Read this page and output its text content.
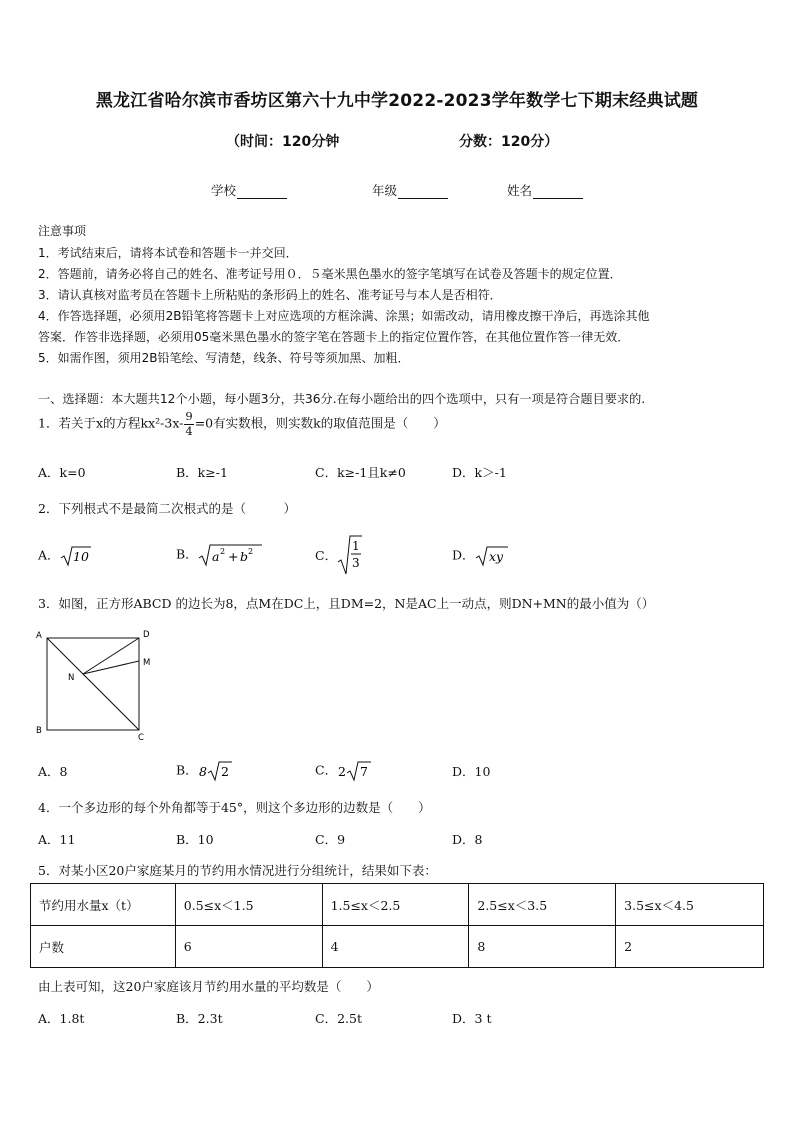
黑龙江省哈尔滨市香坊区第六十九中学2022-2023学年数学七下期末经典试题
（时间：120分钟	分数：120分）
学校	年级	姓名
注意事项
1．考试结束后，请将本试卷和答题卡一并交回．
2．答题前，请务必将自己的姓名、准考证号用０．５毫米黑色墨水的签字笔填写在试卷及答题卡的规定位置．
3．请认真核对监考员在答题卡上所粘贴的条形码上的姓名、准考证号与本人是否相符．
4．作答选择题，必须用2B铅笔将答题卡上对应选项的方框涂满、涂黑；如需改动，请用橡皮擦干净后，再选涂其他
答案．作答非选择题，必须用05毫米黑色墨水的签字笔在答题卡上的指定位置作答，在其他位置作答一律无效．
5．如需作图，须用2B铅笔绘、写清楚，线条、符号等须加黑、加粗．
一、选择题：本大题共12个小题，每小题3分，共36分.在每小题给出的四个选项中，只有一项是符合题目要求的.
1．若关于x的方程$kx^2-3x- \frac{9}{4} =0$有实数根，则实数k的取值范围是（　　）
A．k=0	B．k≥-1	C．k≥-1且k≠0	D．k＞-1
2．下列根式不是最简二次根式的是（　　　）
A． 10	B． a 2 + b 2	C．
1
3
D． xy
3．如图，正方形ABCD 的边长为8，点M在DC上，且DM=2，N是AC上一动点，则DN+MN的最小值为（）
A	D
M
N
B
C
A．8	B． 8 2	C． 2 7	D．10
4．一个多边形的每个外角都等于45°，则这个多边形的边数是（　　）
A．11	B．10	C．9	D．8
5．对某小区20户家庭某月的节约用水情况进行分组统计，结果如下表：
节约用水量x（t）	0.5≤x＜1.5	1.5≤x＜2.5	2.5≤x＜3.5	3.5≤x＜4.5
户数	6	4	8	2
由上表可知，这20户家庭该月节约用水量的平均数是（　　）
A．1.8t	B．2.3t	C．2.5t	D．3 t
